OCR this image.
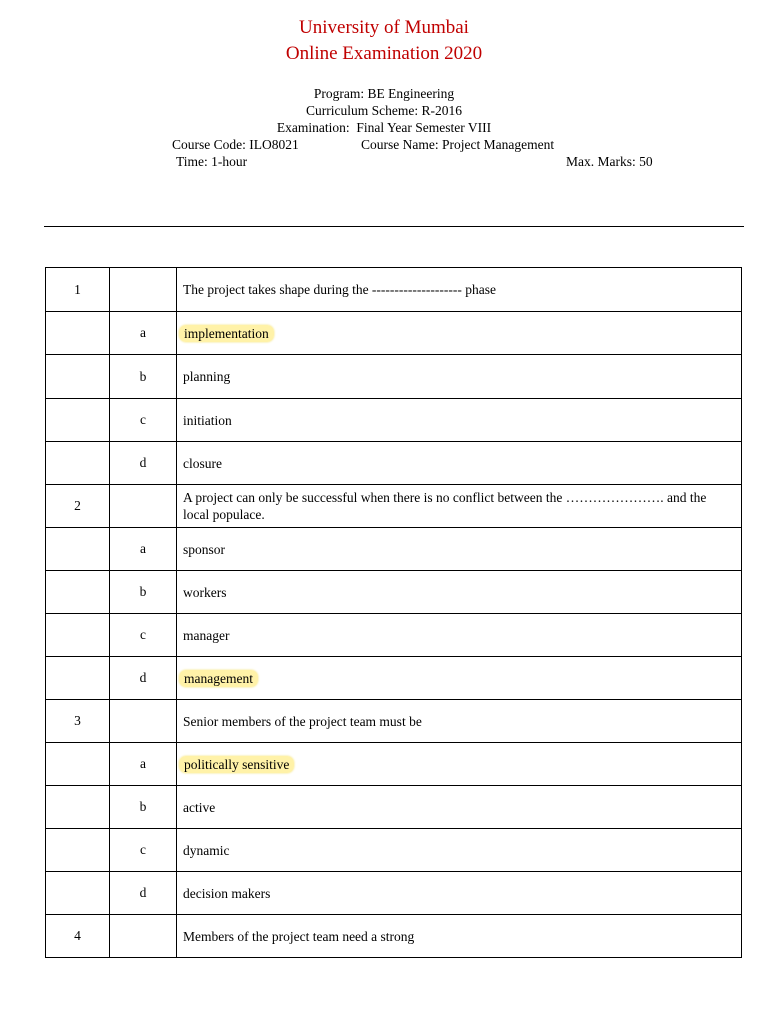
University of Mumbai
Online Examination 2020
Program: BE Engineering
Curriculum Scheme: R-2016
Examination:  Final Year Semester VIII
Course Code: ILO8021	Course Name: Project Management
Time: 1-hour	Max. Marks: 50
1		The project takes shape during the -------------------- phase
	a	implementation
	b	planning
	c	initiation
	d	closure
2		A project can only be successful when there is no conflict between the …………………. and the local populace.
	a	sponsor
	b	workers
	c	manager
	d	management
3		Senior members of the project team must be
	a	politically sensitive
	b	active
	c	dynamic
	d	decision makers
4		Members of the project team need a strong
